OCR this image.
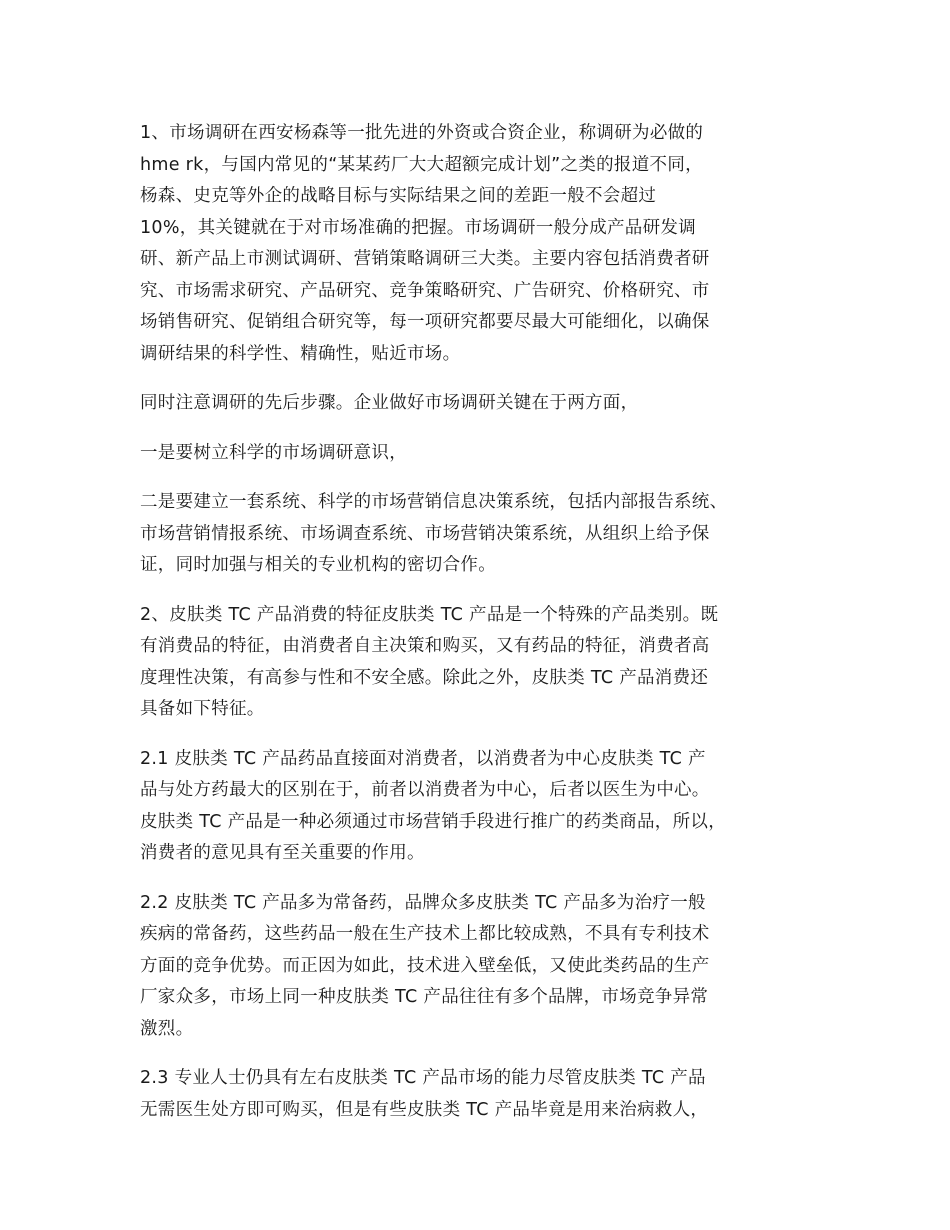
1、市场调研在西安杨森等一批先进的外资或合资企业，称调研为必做的
hme rk，与国内常见的“某某药厂大大超额完成计划”之类的报道不同，
杨森、史克等外企的战略目标与实际结果之间的差距一般不会超过
10%，其关键就在于对市场准确的把握。市场调研一般分成产品研发调
研、新产品上市测试调研、营销策略调研三大类。主要内容包括消费者研
究、市场需求研究、产品研究、竞争策略研究、广告研究、价格研究、市
场销售研究、促销组合研究等，每一项研究都要尽最大可能细化，以确保
调研结果的科学性、精确性，贴近市场。

同时注意调研的先后步骤。企业做好市场调研关键在于两方面，

一是要树立科学的市场调研意识，

二是要建立一套系统、科学的市场营销信息决策系统，包括内部报告系统、
市场营销情报系统、市场调查系统、市场营销决策系统，从组织上给予保
证，同时加强与相关的专业机构的密切合作。

2、皮肤类 TC 产品消费的特征皮肤类 TC 产品是一个特殊的产品类别。既
有消费品的特征，由消费者自主决策和购买，又有药品的特征，消费者高
度理性决策，有高参与性和不安全感。除此之外，皮肤类 TC 产品消费还
具备如下特征。

2.1 皮肤类 TC 产品药品直接面对消费者，以消费者为中心皮肤类 TC 产
品与处方药最大的区别在于，前者以消费者为中心，后者以医生为中心。
皮肤类 TC 产品是一种必须通过市场营销手段进行推广的药类商品，所以，
消费者的意见具有至关重要的作用。

2.2 皮肤类 TC 产品多为常备药，品牌众多皮肤类 TC 产品多为治疗一般
疾病的常备药，这些药品一般在生产技术上都比较成熟，不具有专利技术
方面的竞争优势。而正因为如此，技术进入壁垒低，又使此类药品的生产
厂家众多，市场上同一种皮肤类 TC 产品往往有多个品牌，市场竞争异常
激烈。

2.3 专业人士仍具有左右皮肤类 TC 产品市场的能力尽管皮肤类 TC 产品
无需医生处方即可购买，但是有些皮肤类 TC 产品毕竟是用来治病救人，
